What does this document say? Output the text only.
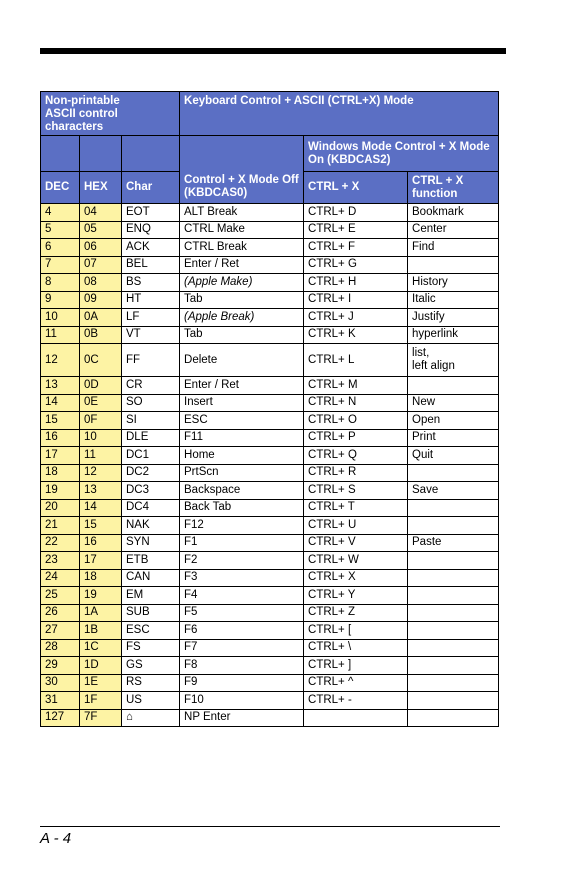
Non-printable
ASCII control characters			Keyboard Control + ASCII (CTRL+X) Mode		
			Control + X Mode Off (KBDCAS0)	Windows Mode Control + X Mode On (KBDCAS2)	
DEC	HEX	Char		CTRL + X	CTRL + X function
4	04	EOT	ALT Break	CTRL+ D	Bookmark
5	05	ENQ	CTRL Make	CTRL+ E	Center
6	06	ACK	CTRL Break	CTRL+ F	Find
7	07	BEL	Enter / Ret	CTRL+ G	
8	08	BS	(Apple Make)	CTRL+ H	History
9	09	HT	Tab	CTRL+ I	Italic
10	0A	LF	(Apple Break)	CTRL+ J	Justify
11	0B	VT	Tab	CTRL+ K	hyperlink
12	0C	FF	Delete	CTRL+ L	list,
left align
13	0D	CR	Enter / Ret	CTRL+ M	
14	0E	SO	Insert	CTRL+ N	New
15	0F	SI	ESC	CTRL+ O	Open
16	10	DLE	F11	CTRL+ P	Print
17	11	DC1	Home	CTRL+ Q	Quit
18	12	DC2	PrtScn	CTRL+ R	
19	13	DC3	Backspace	CTRL+ S	Save
20	14	DC4	Back Tab	CTRL+ T	
21	15	NAK	F12	CTRL+ U	
22	16	SYN	F1	CTRL+ V	Paste
23	17	ETB	F2	CTRL+ W	
24	18	CAN	F3	CTRL+ X	
25	19	EM	F4	CTRL+ Y	
26	1A	SUB	F5	CTRL+ Z	
27	1B	ESC	F6	CTRL+ [	
28	1C	FS	F7	CTRL+ \	
29	1D	GS	F8	CTRL+ ]	
30	1E	RS	F9	CTRL+ ^	
31	1F	US	F10	CTRL+ -	
127	7F	⌂	NP Enter		
A - 4
